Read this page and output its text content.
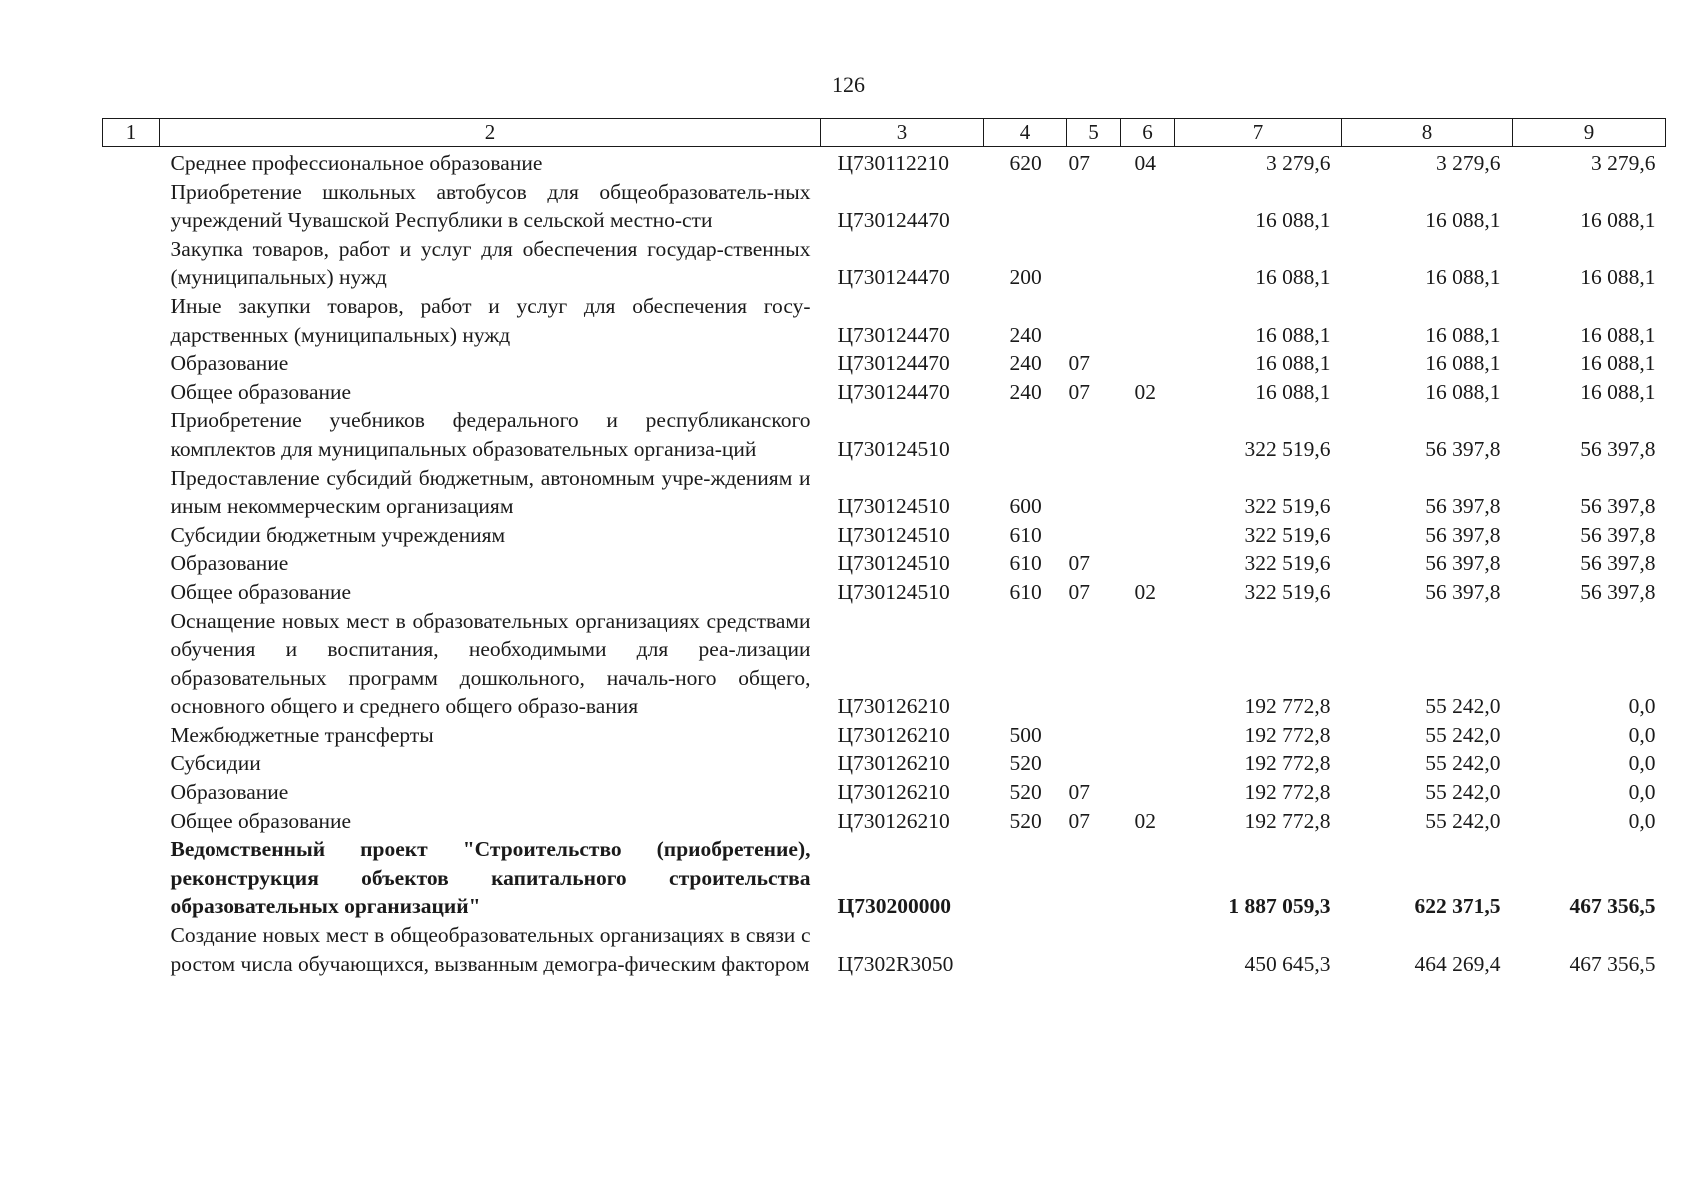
126
1	2	3	4	5	6	7	8	9
	Среднее профессиональное образование	Ц730112210	620	07	04	3 279,6	3 279,6	3 279,6
	Приобретение школьных автобусов для общеобразователь-ных учреждений Чувашской Республики в сельской местно-сти	Ц730124470				16 088,1	16 088,1	16 088,1
	Закупка товаров, работ и услуг для обеспечения государ-ственных (муниципальных) нужд	Ц730124470	200			16 088,1	16 088,1	16 088,1
	Иные закупки товаров, работ и услуг для обеспечения госу-дарственных (муниципальных) нужд	Ц730124470	240			16 088,1	16 088,1	16 088,1
	Образование	Ц730124470	240	07		16 088,1	16 088,1	16 088,1
	Общее образование	Ц730124470	240	07	02	16 088,1	16 088,1	16 088,1
	Приобретение учебников федерального и республиканского комплектов для муниципальных образовательных организа-ций	Ц730124510				322 519,6	56 397,8	56 397,8
	Предоставление субсидий бюджетным, автономным учре-ждениям и иным некоммерческим организациям	Ц730124510	600			322 519,6	56 397,8	56 397,8
	Субсидии бюджетным учреждениям	Ц730124510	610			322 519,6	56 397,8	56 397,8
	Образование	Ц730124510	610	07		322 519,6	56 397,8	56 397,8
	Общее образование	Ц730124510	610	07	02	322 519,6	56 397,8	56 397,8
	Оснащение новых мест в образовательных организациях средствами обучения и воспитания, необходимыми для реа-лизации образовательных программ дошкольного, началь-ного общего, основного общего и среднего общего образо-вания	Ц730126210				192 772,8	55 242,0	0,0
	Межбюджетные трансферты	Ц730126210	500			192 772,8	55 242,0	0,0
	Субсидии	Ц730126210	520			192 772,8	55 242,0	0,0
	Образование	Ц730126210	520	07		192 772,8	55 242,0	0,0
	Общее образование	Ц730126210	520	07	02	192 772,8	55 242,0	0,0
	Ведомственный проект "Строительство (приобретение), реконструкция объектов капитального строительства образовательных организаций"	Ц730200000				1 887 059,3	622 371,5	467 356,5
	Создание новых мест в общеобразовательных организациях в связи с ростом числа обучающихся, вызванным демогра-фическим фактором	Ц7302R3050				450 645,3	464 269,4	467 356,5
